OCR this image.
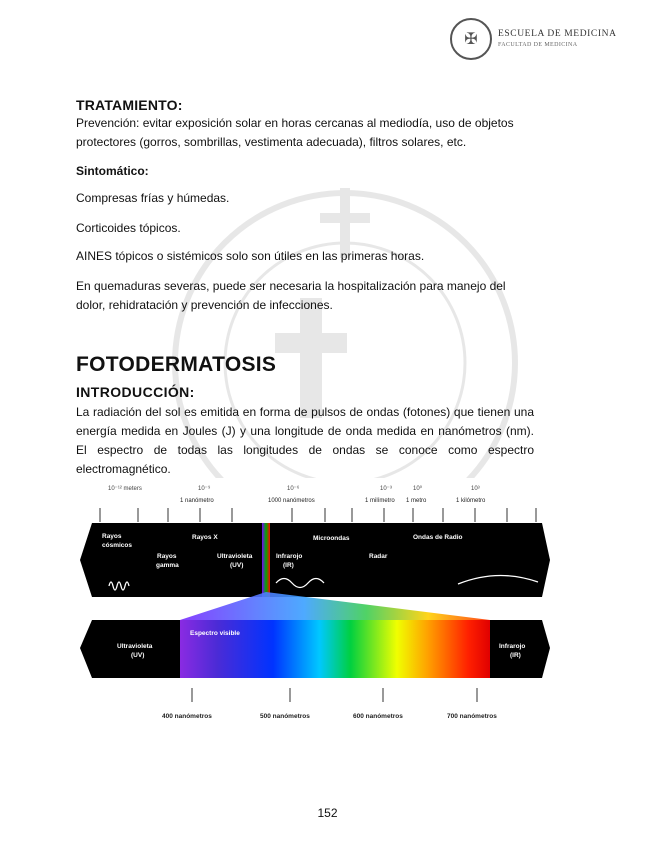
✠	ESCUELA DE MEDICINA
FACULTAD DE MEDICINA
TRATAMIENTO:
Prevención: evitar exposición solar en horas cercanas al mediodía, uso de objetos protectores (gorros, sombrillas, vestimenta adecuada), filtros solares, etc.
Sintomático:
Compresas frías y húmedas.
Corticoides tópicos.
AINES tópicos o sistémicos solo son útiles en las primeras horas.
En quemaduras severas, puede ser necesaria la hospitalización para manejo del dolor, rehidratación y prevención de infecciones.
FOTODERMATOSIS
INTRODUCCIÓN:
La radiación del sol es emitida en forma de pulsos de ondas (fotones) que tienen una energía medida en Joules (J) y una longitude de onda medida en nanómetros (nm). El espectro de todas las longitudes de ondas se conoce como espectro electromagnético.
10⁻¹² meters	10⁻⁹
1 nanómetro
10⁻⁶
1000 nanómetros
10⁻³
1 milímetro
10⁰
1 metro
10³
1 kilómetro
Rayos
cósmicos
Rayos
gamma
Rayos X
Ultravioleta
(UV)
Infrarojo
(IR)
Microondas
Radar
Ondas de Radio
Ultravioleta
(UV)
Espectro visible
Infrarojo
(IR)
400 nanómetros	500 nanómetros	600 nanómetros	700 nanómetros
152
